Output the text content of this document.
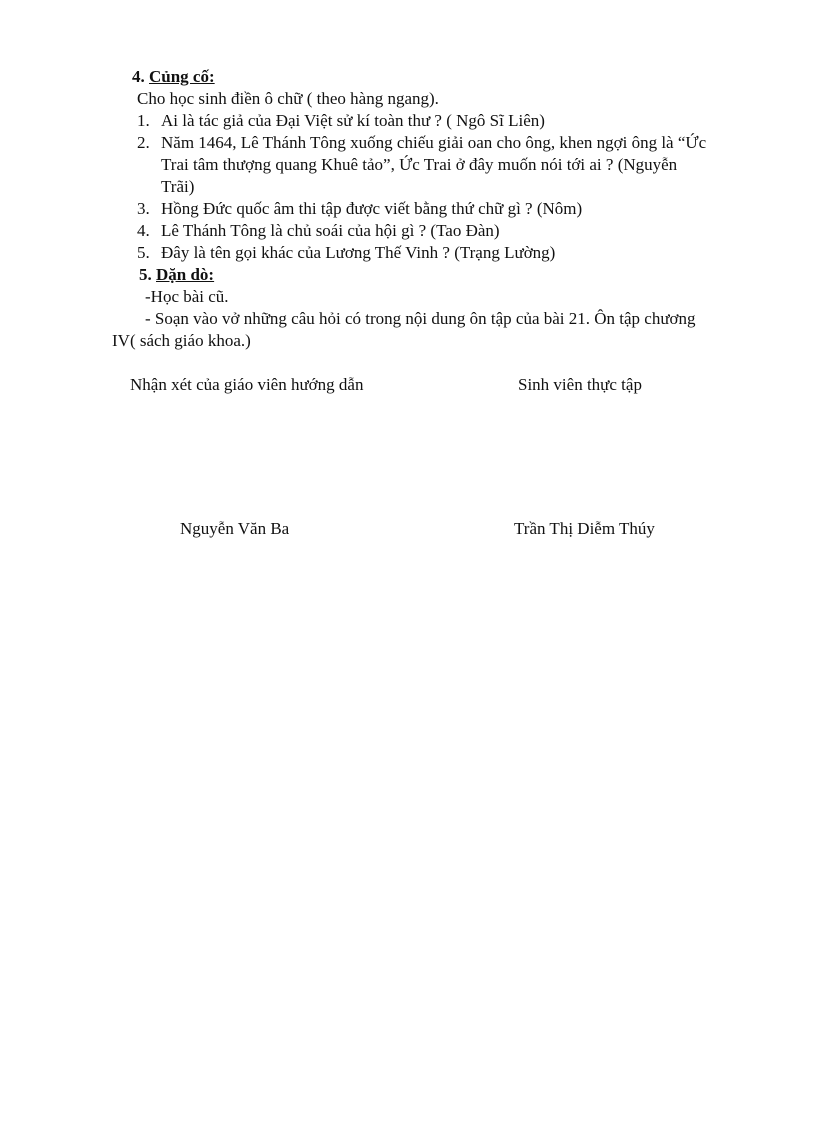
4. Củng cố:
Cho học sinh điền ô chữ ( theo hàng ngang).
1. Ai là tác giả của Đại Việt sử kí toàn thư ? ( Ngô Sĩ Liên)
2. Năm 1464, Lê Thánh Tông xuống chiếu giải oan cho ông, khen ngợi ông là “Ức
Trai tâm thượng quang Khuê tảo”, Ức Trai ở đây muốn nói tới ai ? (Nguyễn
Trãi)
3. Hồng Đức quốc âm thi tập được viết bằng thứ chữ gì ? (Nôm)
4. Lê Thánh Tông là chủ soái của hội gì ? (Tao Đàn)
5. Đây là tên gọi khác của Lương Thế Vinh ? (Trạng Lường)
5. Dặn dò:
-Học bài cũ.
- Soạn vào vở những câu hỏi có trong nội dung ôn tập của bài 21. Ôn tập chương
IV( sách giáo khoa.)
Nhận xét của giáo viên hướng dẫn	Sinh viên thực tập
Nguyễn Văn Ba	Trần Thị Diễm Thúy
